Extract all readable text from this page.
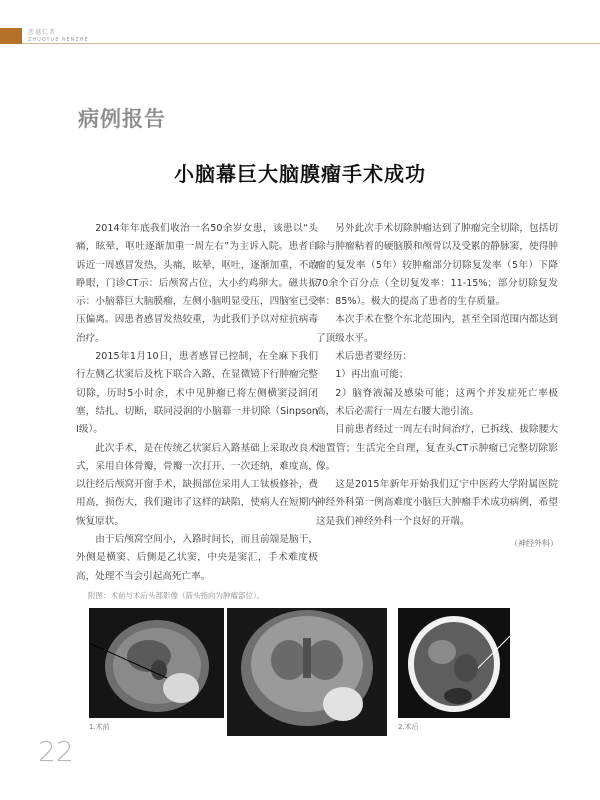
恋越仁者
ZHUOYUE RENZHE
病例报告
小脑幕巨大脑膜瘤手术成功

2014年年底我们收治一名50余岁女患，该患以“头痛，眩晕，呕吐逐渐加重一周左右”为主诉入院。患者自诉近一周感冒发热，头痛，眩晕，呕吐，逐渐加重，不敢睁眼，门诊CT示：后颅窝占位，大小约鸡卵大。磁共振示：小脑幕巨大脑膜瘤，左侧小脑明显受压，四脑室已受压偏离。因患者感冒发热较重，为此我们予以对症抗病毒治疗。

2015年1月10日，患者感冒已控制，在全麻下我们行左侧乙状窦后及枕下联合入路，在显微镜下行肿瘤完整切除，历时5小时余，术中见肿瘤已将左侧横窦浸润闭塞，结扎、切断，联同浸润的小脑幕一并切除（Sinpson I级）。

此次手术，是在传统乙状窦后入路基础上采取改良术式，采用自体骨瓣，骨瓣一次打开、一次还纳，难度高，以往经后颅窝开窗手术，缺损部位采用人工钛板修补，费用高，损伤大，我们避讳了这样的缺陷，使病人在短期内恢复原状。

由于后颅窝空间小，入路时间长，而且前端是脑干，外侧是横窦、后侧是乙状窦，中央是窦汇，手术难度极高，处理不当会引起高死亡率。

另外此次手术切除肿瘤达到了肿瘤完全切除，包括切除与肿瘤粘着的硬脑膜和颅骨以及受累的静脉窦，使得肿瘤的复发率（5年）较肿瘤部分切除复发率（5年）下降70余个百分点（全切复发率：11-15%；部分切除复发率：85%）。极大的提高了患者的生存质量。

本次手术在整个东北范围内，甚至全国范围内都达到了顶级水平。

术后患者要经历：

1）再出血可能；

2）脑脊液漏及感染可能；这两个并发症死亡率极高，术后必需行一周左右腰大池引流。

目前患者经过一周左右时间治疗，已拆线、拔除腰大池置管；生活完全自理，复查头CT示肿瘤已完整切除影像。

这是2015年新年开始我们辽宁中医药大学附属医院神经外科第一例高难度小脑巨大肿瘤手术成功病例，希望这是我们神经外科一个良好的开端。

（神经外科）

附图：术前与术后头部影像（箭头指向为肿瘤部位）。
1.术前	2.术后
22
